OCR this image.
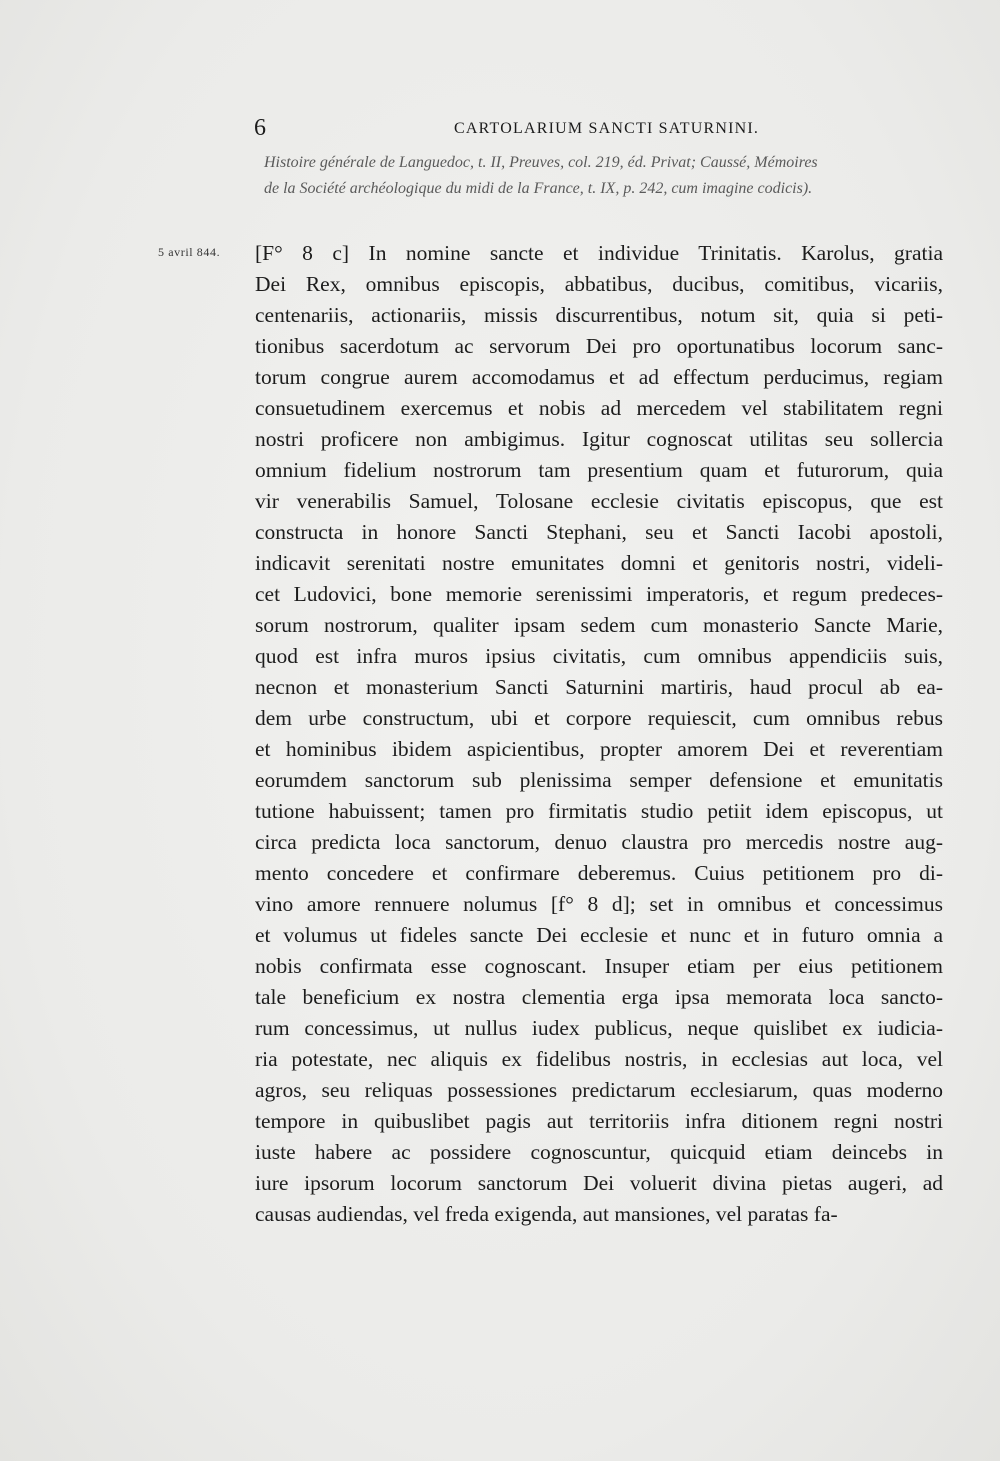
6	CARTOLARIUM SANCTI SATURNINI.

Histoire générale de Languedoc, t. II, Preuves, col. 219, éd. Privat; Caussé, Mémoires

de la Société archéologique du midi de la France, t. IX, p. 242, cum imagine codicis).

5 avril 844. [F° 8 c] In nomine sancte et individue Trinitatis. Karolus, gratia
Dei Rex, omnibus episcopis, abbatibus, ducibus, comitibus, vicariis,
centenariis, actionariis, missis discurrentibus, notum sit, quia si peti-
tionibus sacerdotum ac servorum Dei pro oportunatibus locorum sanc-
torum congrue aurem accomodamus et ad effectum perducimus, regiam
consuetudinem exercemus et nobis ad mercedem vel stabilitatem regni
nostri proficere non ambigimus. Igitur cognoscat utilitas seu sollercia
omnium fidelium nostrorum tam presentium quam et futurorum, quia
vir venerabilis Samuel, Tolosane ecclesie civitatis episcopus, que est
constructa in honore Sancti Stephani, seu et Sancti Iacobi apostoli,
indicavit serenitati nostre emunitates domni et genitoris nostri, videli-
cet Ludovici, bone memorie serenissimi imperatoris, et regum predeces-
sorum nostrorum, qualiter ipsam sedem cum monasterio Sancte Marie,
quod est infra muros ipsius civitatis, cum omnibus appendiciis suis,
necnon et monasterium Sancti Saturnini martiris, haud procul ab ea-
dem urbe constructum, ubi et corpore requiescit, cum omnibus rebus
et hominibus ibidem aspicientibus, propter amorem Dei et reverentiam
eorumdem sanctorum sub plenissima semper defensione et emunitatis
tutione habuissent; tamen pro firmitatis studio petiit idem episcopus, ut
circa predicta loca sanctorum, denuo claustra pro mercedis nostre aug-
mento concedere et confirmare deberemus. Cuius petitionem pro di-
vino amore rennuere nolumus [f° 8 d]; set in omnibus et concessimus
et volumus ut fideles sancte Dei ecclesie et nunc et in futuro omnia a
nobis confirmata esse cognoscant. Insuper etiam per eius petitionem
tale beneficium ex nostra clementia erga ipsa memorata loca sancto-
rum concessimus, ut nullus iudex publicus, neque quislibet ex iudicia-
ria potestate, nec aliquis ex fidelibus nostris, in ecclesias aut loca, vel
agros, seu reliquas possessiones predictarum ecclesiarum, quas moderno
tempore in quibuslibet pagis aut territoriis infra ditionem regni nostri
iuste habere ac possidere cognoscuntur, quicquid etiam deincebs in
iure ipsorum locorum sanctorum Dei voluerit divina pietas augeri, ad
causas audiendas, vel freda exigenda, aut mansiones, vel paratas fa-
